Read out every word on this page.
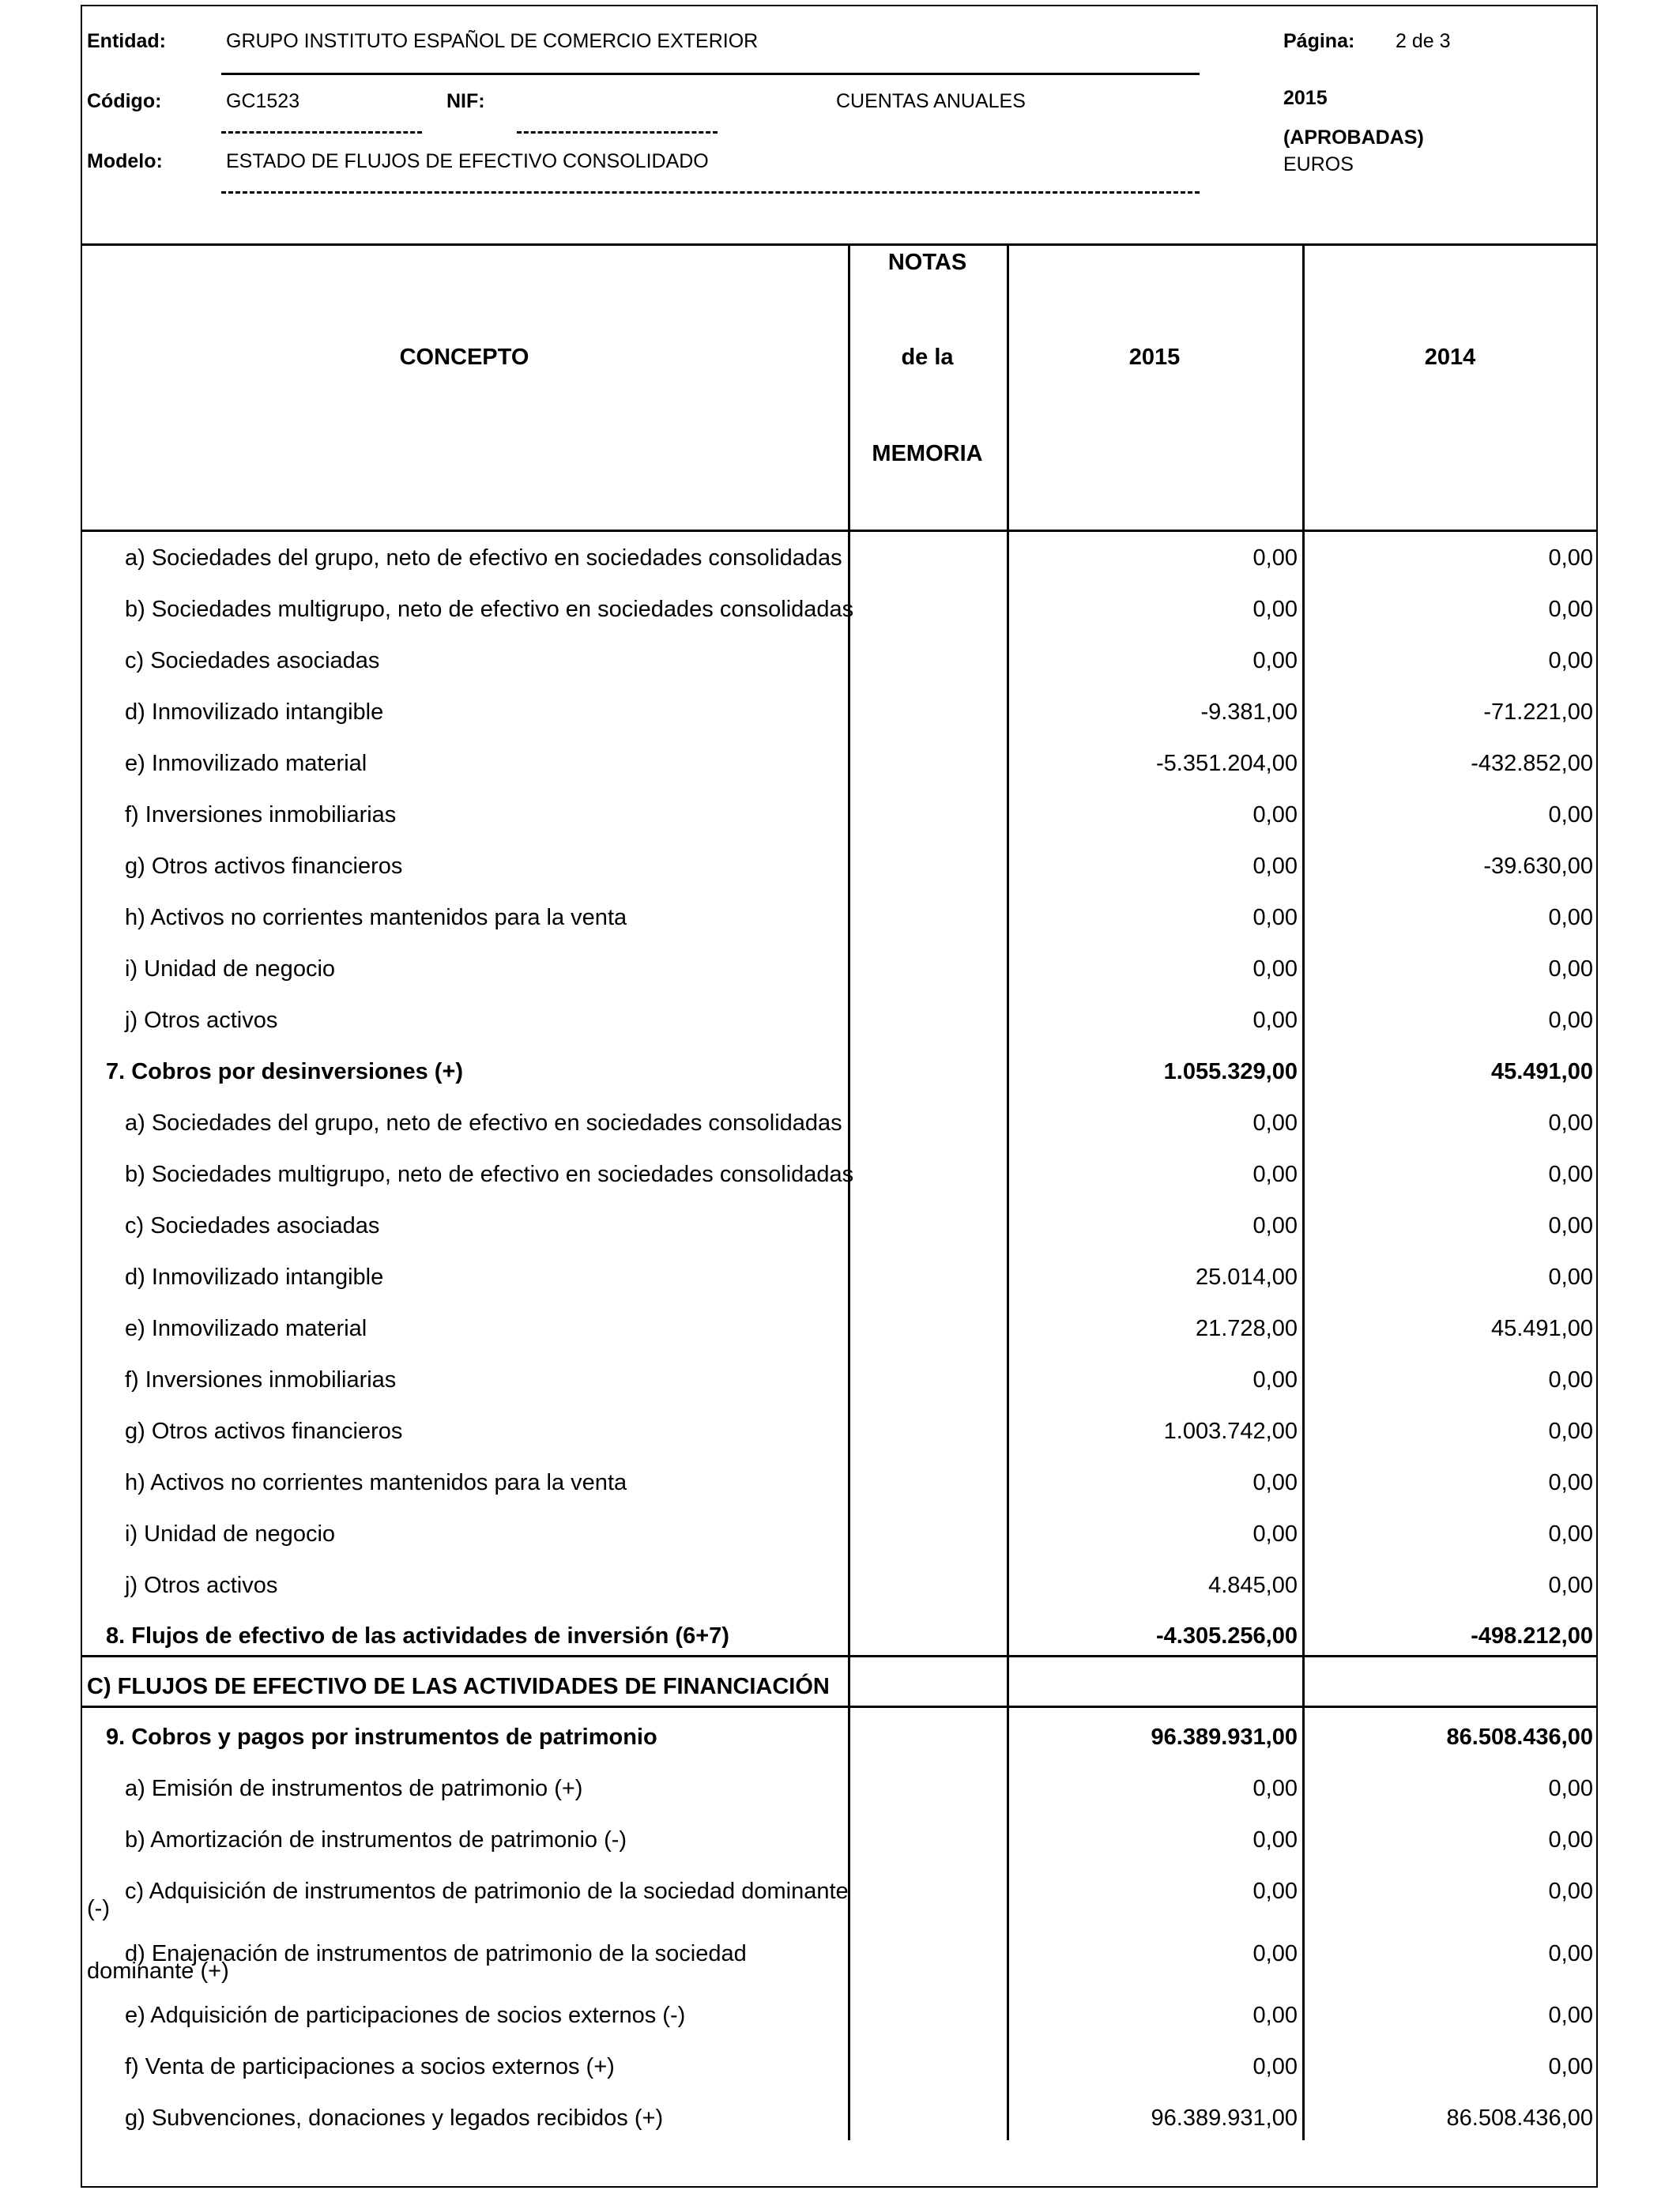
Entidad:	GRUPO INSTITUTO ESPAÑOL DE COMERCIO EXTERIOR	Página: 2 de 3
Código:	GC1523	NIF:	CUENTAS ANUALES	2015
(APROBADAS)
Modelo:	ESTADO DE FLUJOS DE EFECTIVO CONSOLIDADO	EUROS
CONCEPTO
NOTAS
de la
MEMORIA
2015	2014
a) Sociedades del grupo, neto de efectivo en sociedades consolidadas	0,00	0,00
b) Sociedades multigrupo, neto de efectivo en sociedades consolidadas	0,00	0,00
c) Sociedades asociadas	0,00	0,00
d) Inmovilizado intangible	-9.381,00	-71.221,00
e) Inmovilizado material	-5.351.204,00	-432.852,00
f) Inversiones inmobiliarias	0,00	0,00
g) Otros activos financieros	0,00	-39.630,00
h) Activos no corrientes mantenidos para la venta	0,00	0,00
i) Unidad de negocio	0,00	0,00
j) Otros activos	0,00	0,00
7. Cobros por desinversiones (+)	1.055.329,00	45.491,00
a) Sociedades del grupo, neto de efectivo en sociedades consolidadas	0,00	0,00
b) Sociedades multigrupo, neto de efectivo en sociedades consolidadas	0,00	0,00
c) Sociedades asociadas	0,00	0,00
d) Inmovilizado intangible	25.014,00	0,00
e) Inmovilizado material	21.728,00	45.491,00
f) Inversiones inmobiliarias	0,00	0,00
g) Otros activos financieros	1.003.742,00	0,00
h) Activos no corrientes mantenidos para la venta	0,00	0,00
i) Unidad de negocio	0,00	0,00
j) Otros activos	4.845,00	0,00
8. Flujos de efectivo de las actividades de inversión (6+7)	-4.305.256,00	-498.212,00
C) FLUJOS DE EFECTIVO DE LAS ACTIVIDADES DE FINANCIACIÓN
9. Cobros y pagos por instrumentos de patrimonio	96.389.931,00	86.508.436,00
a) Emisión de instrumentos de patrimonio (+)	0,00	0,00
b) Amortización de instrumentos de patrimonio (-)	0,00	0,00
c) Adquisición de instrumentos de patrimonio de la sociedad dominante
(-)
0,00	0,00
d) Enajenación de instrumentos de patrimonio de la sociedad
dominante (+)
0,00	0,00
e) Adquisición de participaciones de socios externos (-)	0,00	0,00
f) Venta de participaciones a socios externos (+)	0,00	0,00
g) Subvenciones, donaciones y legados recibidos (+)	96.389.931,00	86.508.436,00
